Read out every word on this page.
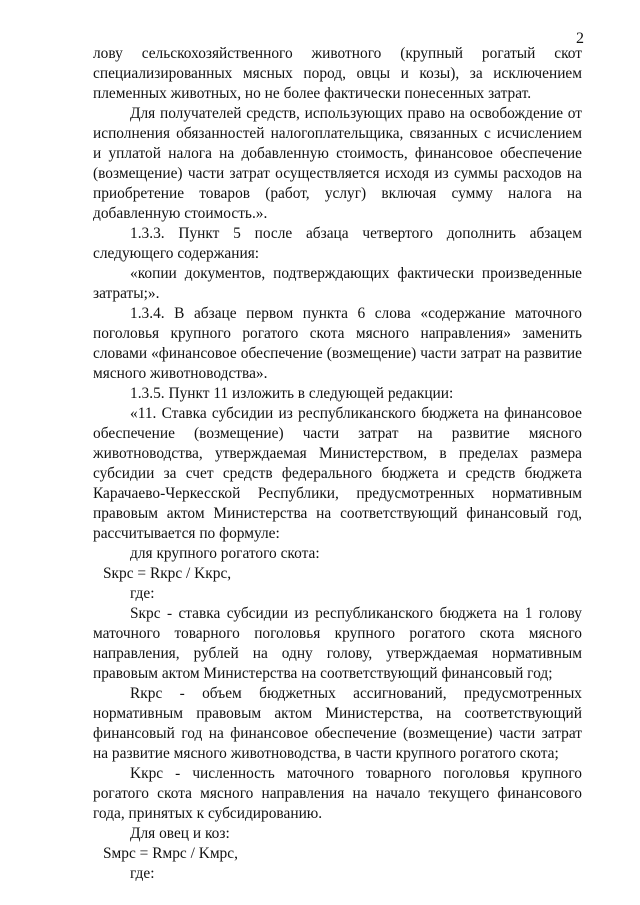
2

лову сельскохозяйственного животного (крупный рогатый скот специализированных мясных пород, овцы и козы), за исключением племенных животных, но не более фактически понесенных затрат.

Для получателей средств, использующих право на освобождение от исполнения обязанностей налогоплательщика, связанных с исчислением и уплатой налога на добавленную стоимость, финансовое обеспечение (возмещение) части затрат осуществляется исходя из суммы расходов на приобретение товаров (работ, услуг) включая сумму налога на добавленную стоимость.».

1.3.3. Пункт 5 после абзаца четвертого дополнить абзацем следующего содержания:

«копии документов, подтверждающих фактически произведенные затраты;».

1.3.4. В абзаце первом пункта 6 слова «содержание маточного поголовья крупного рогатого скота мясного направления» заменить словами «финансовое обеспечение (возмещение) части затрат на развитие мясного животноводства».

1.3.5. Пункт 11 изложить в следующей редакции:

«11. Ставка субсидии из республиканского бюджета на финансовое обеспечение (возмещение) части затрат на развитие мясного животноводства, утверждаемая Министерством, в пределах размера субсидии за счет средств федерального бюджета и средств бюджета Карачаево-Черкесской Республики, предусмотренных нормативным правовым актом Министерства на соответствующий финансовый год, рассчитывается по формуле:

для крупного рогатого скота:

Sкрс = Rкрс / Kкрс,

где:

Sкрс - ставка субсидии из республиканского бюджета на 1 голову маточного товарного поголовья крупного рогатого скота мясного направления, рублей на одну голову, утверждаемая нормативным правовым актом Министерства на соответствующий финансовый год;

Rкрс - объем бюджетных ассигнований, предусмотренных нормативным правовым актом Министерства, на соответствующий финансовый год на финансовое обеспечение (возмещение) части затрат на развитие мясного животноводства, в части крупного рогатого скота;

Kкрс - численность маточного товарного поголовья крупного рогатого скота мясного направления на начало текущего финансового года, принятых к субсидированию.

Для овец и коз:

Sмрс = Rмрс / Kмрс,

где:
